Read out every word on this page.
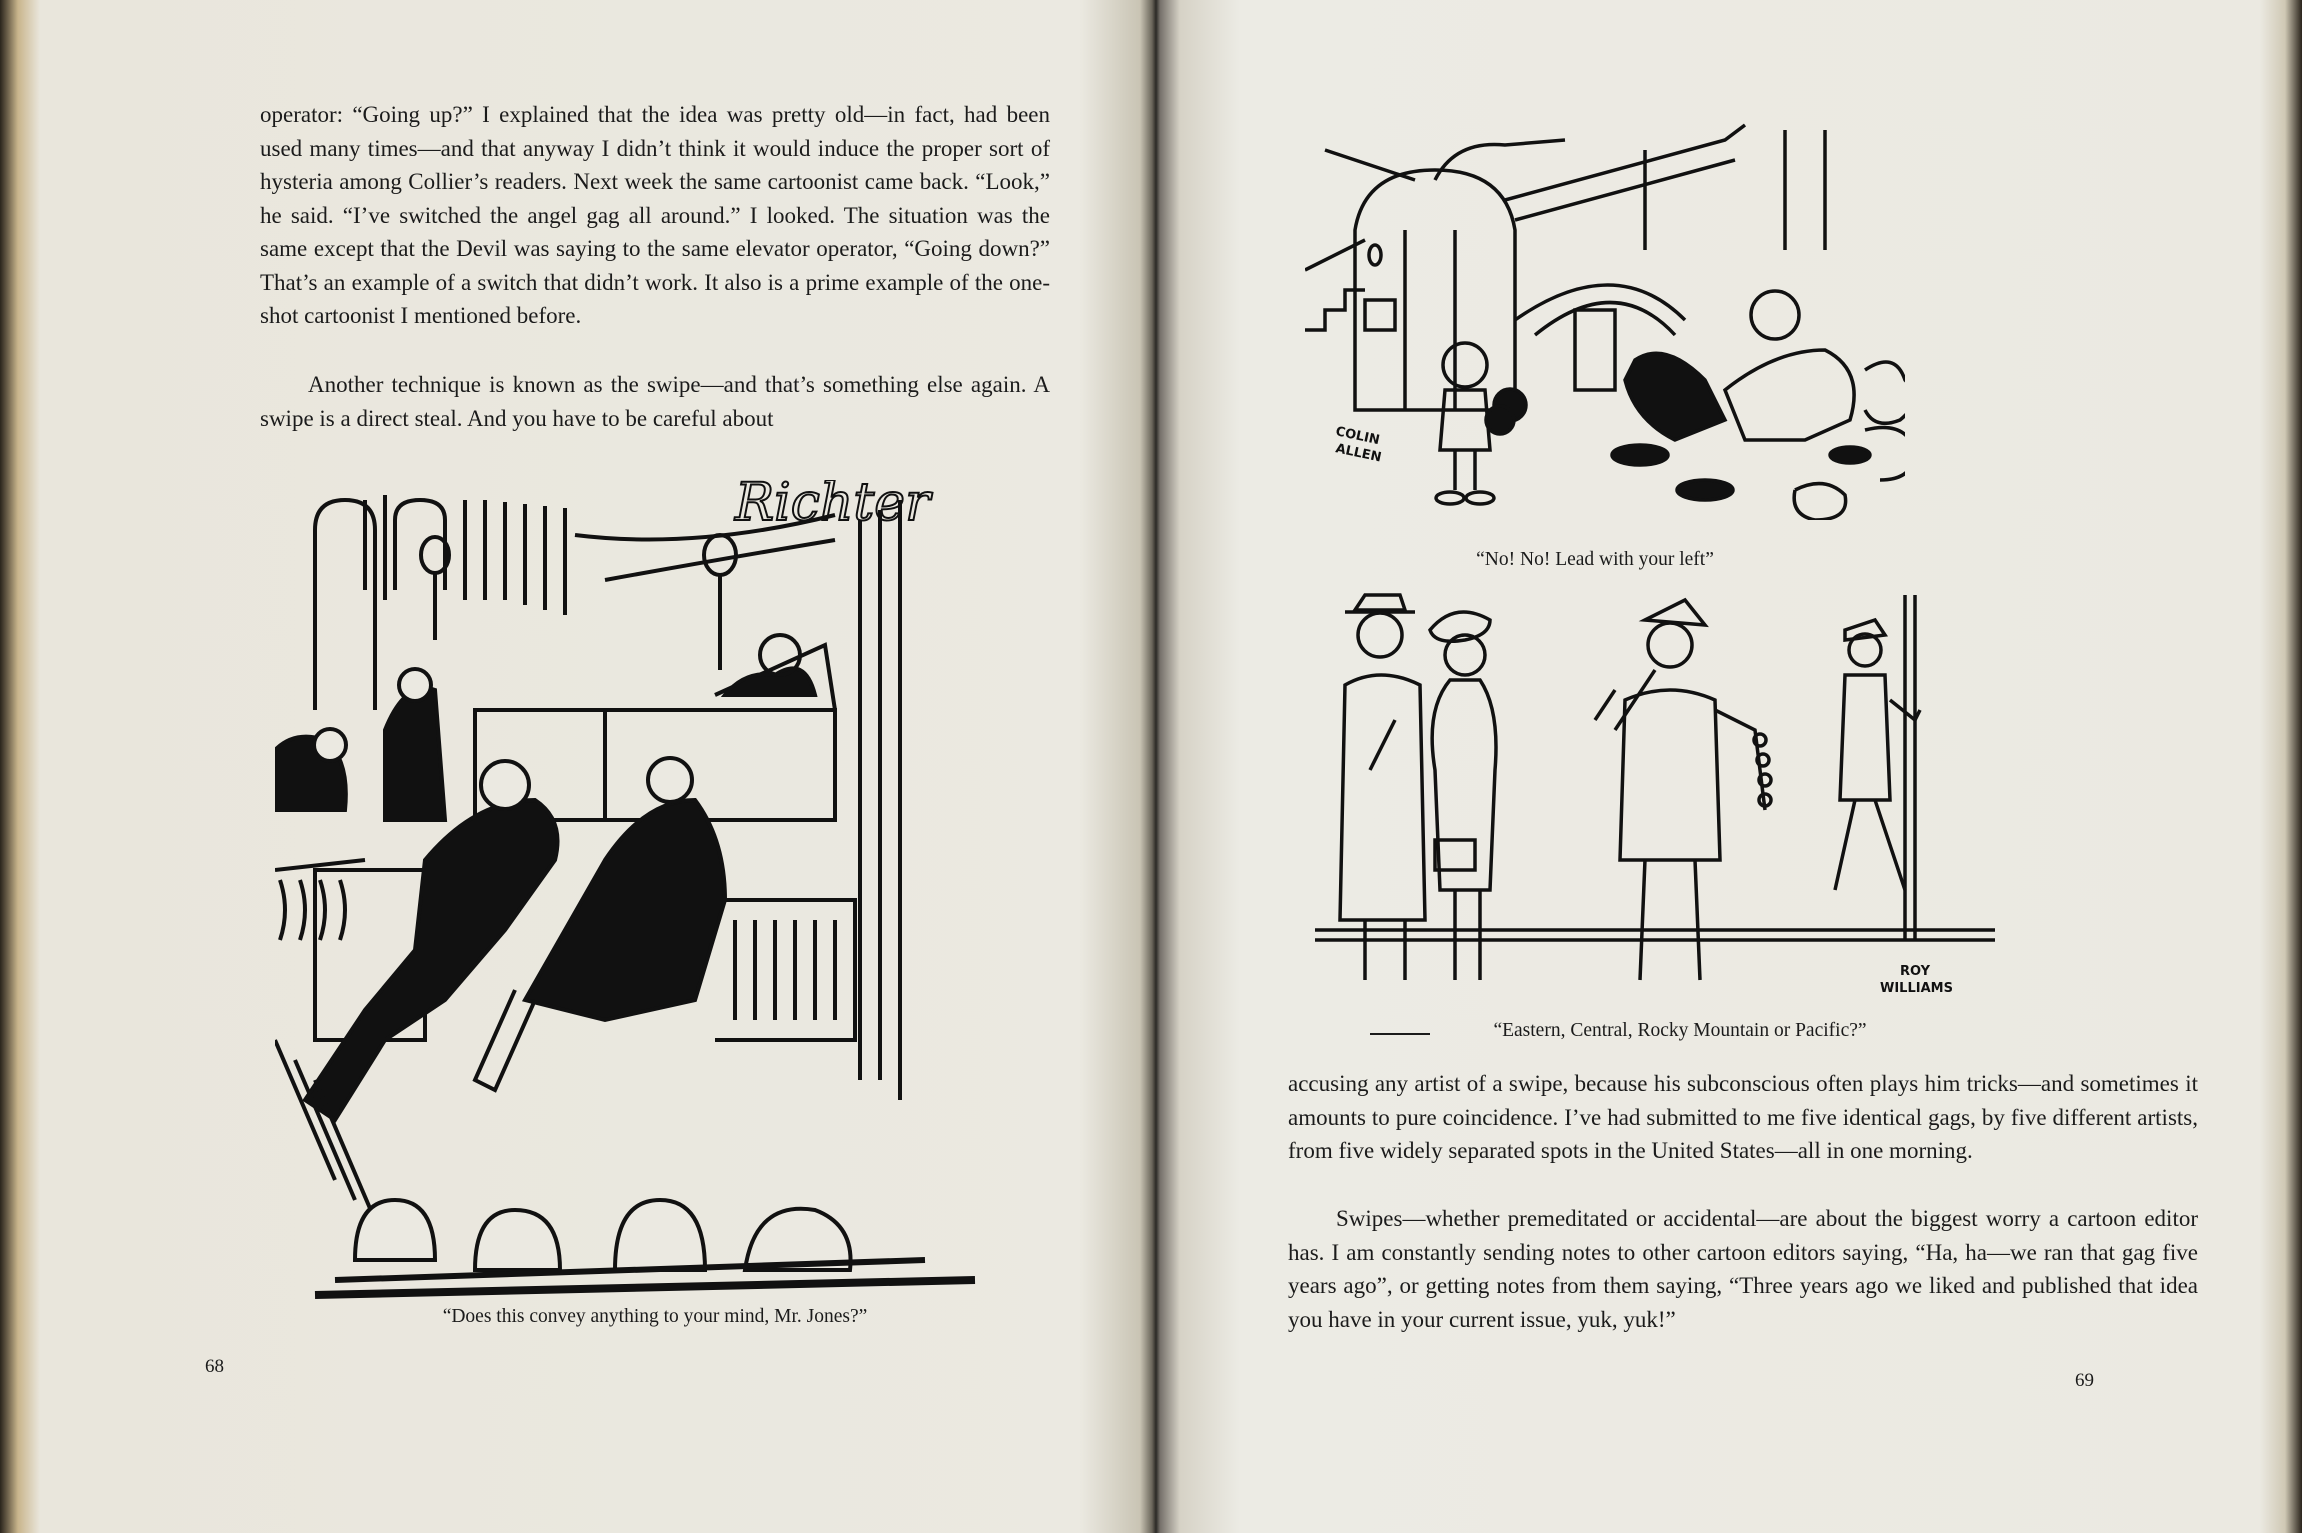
operator: “Going up?” I explained that the idea was pretty old—in fact, had been used many times—and that anyway I didn’t think it would induce the proper sort of hysteria among Collier’s readers. Next week the same cartoonist came back. “Look,” he said. “I’ve switched the angel gag all around.” I looked. The situation was the same except that the Devil was saying to the same elevator operator, “Going down?” That’s an example of a switch that didn’t work. It also is a prime example of the one-shot cartoonist I mentioned before.

Another technique is known as the swipe—and that’s something else again. A swipe is a direct steal. And you have to be careful about

Richter

“Does this convey anything to your mind, Mr. Jones?”

68
COLIN
ALLEN

“No! No! Lead with your left”

ROY
WILLIAMS

“Eastern, Central, Rocky Mountain or Pacific?”

accusing any artist of a swipe, because his subconscious often plays him tricks—and sometimes it amounts to pure coincidence. I’ve had submitted to me five identical gags, by five different artists, from five widely separated spots in the United States—all in one morning.

Swipes—whether premeditated or accidental—are about the biggest worry a cartoon editor has. I am constantly sending notes to other cartoon editors saying, “Ha, ha—we ran that gag five years ago”, or getting notes from them saying, “Three years ago we liked and published that idea you have in your current issue, yuk, yuk!”

69
